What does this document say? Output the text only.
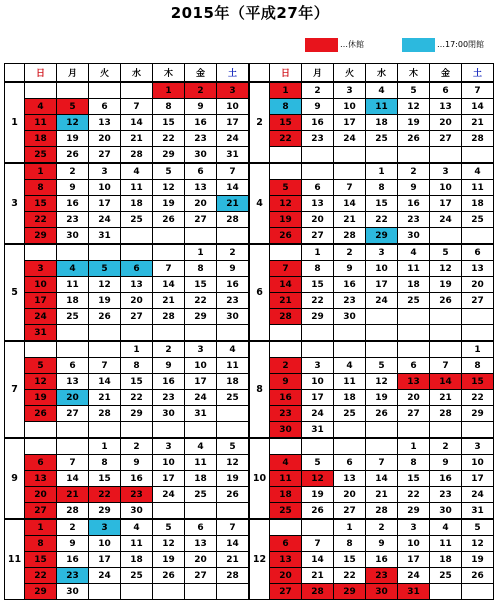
2015年（平成27年）
…休館	…17:00閉館
	日	月	火	水	木	金	土		日	月	火	水	木	金	土
1					1	2	3	2	1	2	3	4	5	6	7
	4	5	6	7	8	9	10		8	9	10	11	12	13	14
	11	12	13	14	15	16	17		15	16	17	18	19	20	21
	18	19	20	21	22	23	24		22	23	24	25	26	27	28
	25	26	27	28	29	30	31								
3	1	2	3	4	5	6	7	4				1	2	3	4
	8	9	10	11	12	13	14		5	6	7	8	9	10	11
	15	16	17	18	19	20	21		12	13	14	15	16	17	18
	22	23	24	25	26	27	28		19	20	21	22	23	24	25
	29	30	31						26	27	28	29	30		
5						1	2	6		1	2	3	4	5	6
	3	4	5	6	7	8	9		7	8	9	10	11	12	13
	10	11	12	13	14	15	16		14	15	16	17	18	19	20
	17	18	19	20	21	22	23		21	22	23	24	25	26	27
	24	25	26	27	28	29	30		28	29	30				
	31														
7				1	2	3	4	8							1
	5	6	7	8	9	10	11		2	3	4	5	6	7	8
	12	13	14	15	16	17	18		9	10	11	12	13	14	15
	19	20	21	22	23	24	25		16	17	18	19	20	21	22
	26	27	28	29	30	31			23	24	25	26	27	28	29
									30	31					
9			1	2	3	4	5	10					1	2	3
	6	7	8	9	10	11	12		4	5	6	7	8	9	10
	13	14	15	16	17	18	19		11	12	13	14	15	16	17
	20	21	22	23	24	25	26		18	19	20	21	22	23	24
	27	28	29	30					25	26	27	28	29	30	31
11	1	2	3	4	5	6	7	12			1	2	3	4	5
	8	9	10	11	12	13	14		6	7	8	9	10	11	12
	15	16	17	18	19	20	21		13	14	15	16	17	18	19
	22	23	24	25	26	27	28		20	21	22	23	24	25	26
	29	30							27	28	29	30	31		
